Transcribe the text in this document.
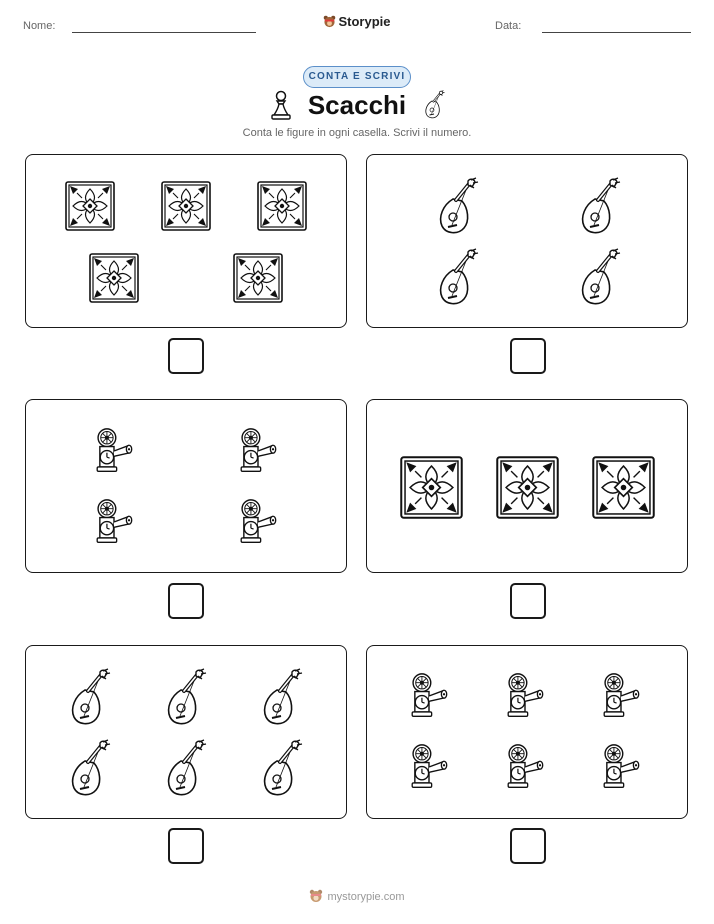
Nome:	Storypie	Data:
CONTA E SCRIVI
Scacchi
Conta le figure in ogni casella. Scrivi il numero.
mystorypie.com
